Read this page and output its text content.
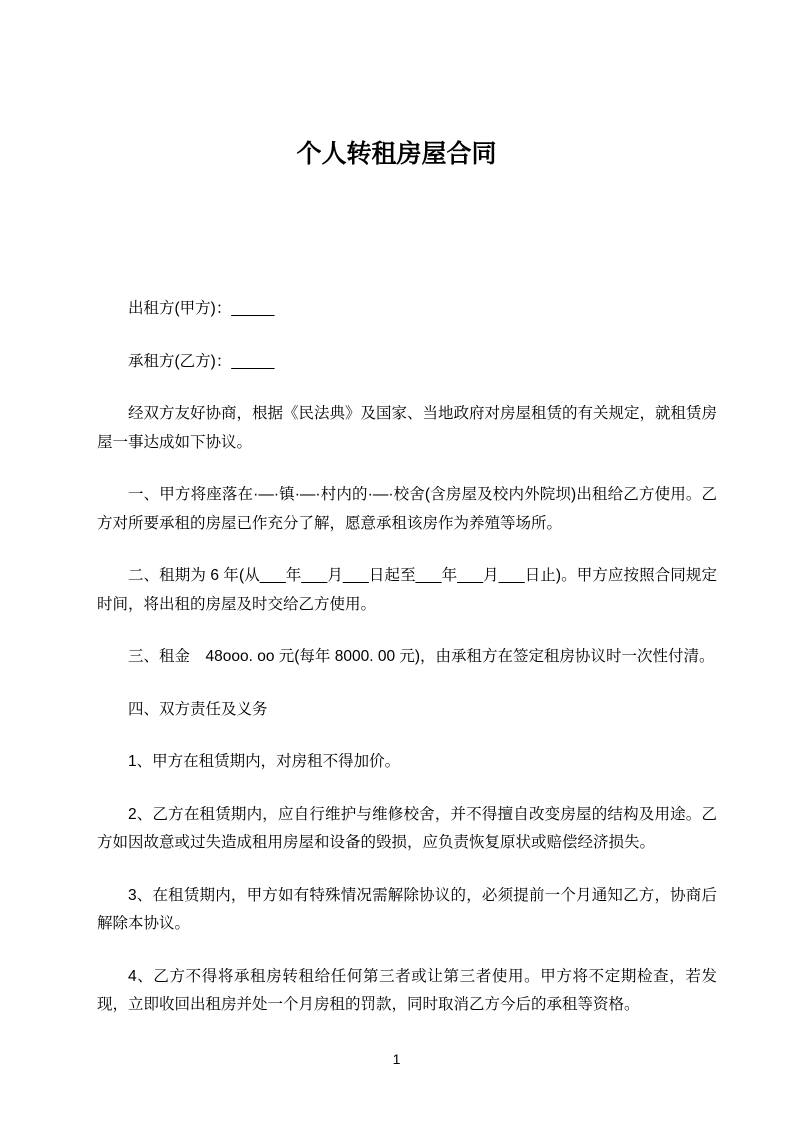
个人转租房屋合同

出租方(甲方)：_____

承租方(乙方)：_____

经双方友好协商，根据《民法典》及国家、当地政府对房屋租赁的有关规定，就租赁房屋一事达成如下协议。

一、甲方将座落在·—·镇·—·村内的·—·校舍(含房屋及校内外院坝)出租给乙方使用。乙方对所要承租的房屋已作充分了解，愿意承租该房作为养殖等场所。

二、租期为 6 年(从___年___月___日起至___年___月___日止)。甲方应按照合同规定时间，将出租的房屋及时交给乙方使用。

三、租金　48ooo. oo 元(每年 8000. 00 元)，由承租方在签定租房协议时一次性付清。

四、双方责任及义务

1、甲方在租赁期内，对房租不得加价。

2、乙方在租赁期内，应自行维护与维修校舍，并不得擅自改变房屋的结构及用途。乙方如因故意或过失造成租用房屋和设备的毁损，应负责恢复原状或赔偿经济损失。

3、在租赁期内，甲方如有特殊情况需解除协议的，必须提前一个月通知乙方，协商后解除本协议。

4、乙方不得将承租房转租给任何第三者或让第三者使用。甲方将不定期检查，若发现，立即收回出租房并处一个月房租的罚款，同时取消乙方今后的承租等资格。

1
